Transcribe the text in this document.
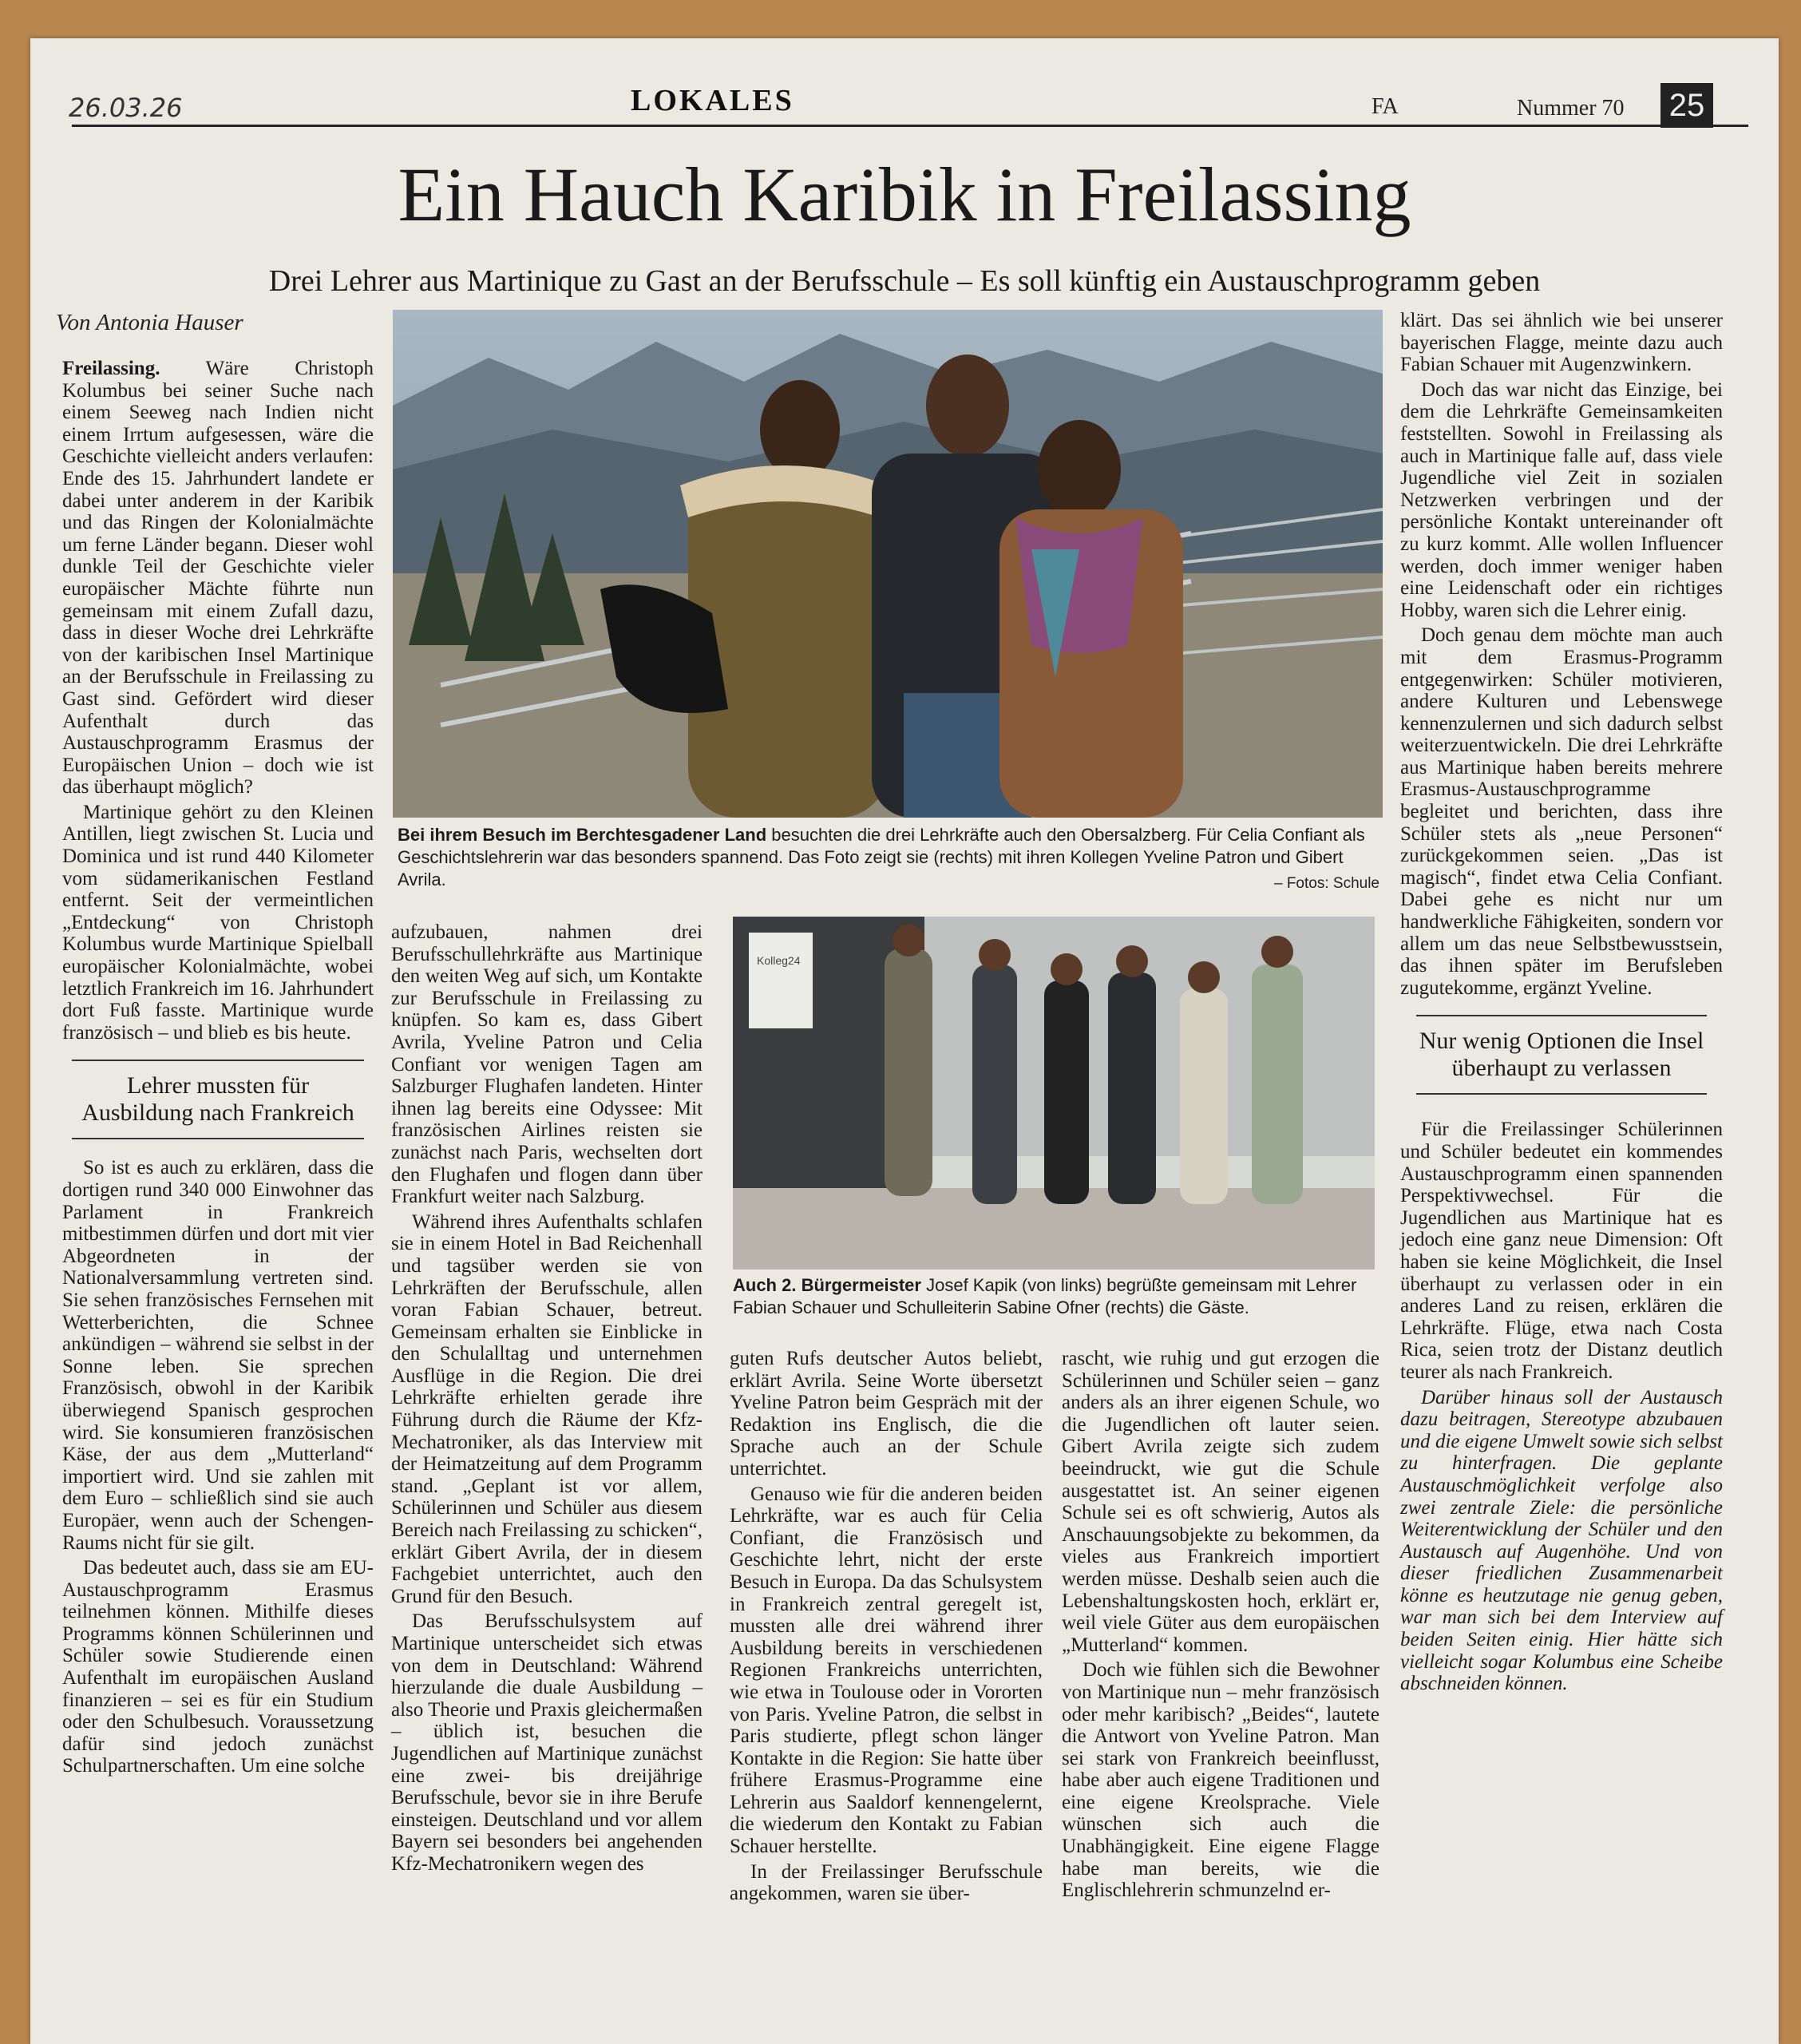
26.03.26	LOKALES	FA	Nummer 70 25
Ein Hauch Karibik in Freilassing
Drei Lehrer aus Martinique zu Gast an der Berufsschule – Es soll künftig ein Austauschprogramm geben
Von Antonia Hauser

Freilassing. Wäre Christoph Kolumbus bei seiner Suche nach einem Seeweg nach Indien nicht einem Irrtum aufgesessen, wäre die Geschichte vielleicht anders verlaufen: Ende des 15. Jahrhundert landete er dabei unter anderem in der Karibik und das Ringen der Kolonialmächte um ferne Länder begann. Dieser wohl dunkle Teil der Geschichte vieler europäischer Mächte führte nun gemeinsam mit einem Zufall dazu, dass in dieser Woche drei Lehrkräfte von der karibischen Insel Martinique an der Berufsschule in Freilassing zu Gast sind. Gefördert wird dieser Aufenthalt durch das Austauschprogramm Erasmus der Europäischen Union – doch wie ist das überhaupt möglich?

Martinique gehört zu den Kleinen Antillen, liegt zwischen St. Lucia und Dominica und ist rund 440 Kilometer vom südamerikanischen Festland entfernt. Seit der vermeintlichen „Entdeckung“ von Christoph Kolumbus wurde Martinique Spielball europäischer Kolonialmächte, wobei letztlich Frankreich im 16. Jahrhundert dort Fuß fasste. Martinique wurde französisch – und blieb es bis heute.

Lehrer mussten für Ausbildung nach Frankreich

So ist es auch zu erklären, dass die dortigen rund 340 000 Einwohner das Parlament in Frankreich mitbestimmen dürfen und dort mit vier Abgeordneten in der Nationalversammlung vertreten sind. Sie sehen französisches Fernsehen mit Wetterberichten, die Schnee ankündigen – während sie selbst in der Sonne leben. Sie sprechen Französisch, obwohl in der Karibik überwiegend Spanisch gesprochen wird. Sie konsumieren französischen Käse, der aus dem „Mutterland“ importiert wird. Und sie zahlen mit dem Euro – schließlich sind sie auch Europäer, wenn auch der Schengen-Raums nicht für sie gilt.

Das bedeutet auch, dass sie am EU-Austauschprogramm Erasmus teilnehmen können. Mithilfe dieses Programms können Schülerinnen und Schüler sowie Studierende einen Aufenthalt im europäischen Ausland finanzieren – sei es für ein Studium oder den Schulbesuch. Voraussetzung dafür sind jedoch zunächst Schulpartnerschaften. Um eine solche

Bei ihrem Besuch im Berchtesgadener Land besuchten die drei Lehrkräfte auch den Obersalzberg. Für Celia Confiant als Geschichtslehrerin war das besonders spannend. Das Foto zeigt sie (rechts) mit ihren Kollegen Yveline Patron und Gibert Avrila.	– Fotos: Schule

aufzubauen, nahmen drei Berufsschullehrkräfte aus Martinique den weiten Weg auf sich, um Kontakte zur Berufsschule in Freilassing zu knüpfen. So kam es, dass Gibert Avrila, Yveline Patron und Celia Confiant vor wenigen Tagen am Salzburger Flughafen landeten. Hinter ihnen lag bereits eine Odyssee: Mit französischen Airlines reisten sie zunächst nach Paris, wechselten dort den Flughafen und flogen dann über Frankfurt weiter nach Salzburg.

Während ihres Aufenthalts schlafen sie in einem Hotel in Bad Reichenhall und tagsüber werden sie von Lehrkräften der Berufsschule, allen voran Fabian Schauer, betreut. Gemeinsam erhalten sie Einblicke in den Schulalltag und unternehmen Ausflüge in die Region. Die drei Lehrkräfte erhielten gerade ihre Führung durch die Räume der Kfz-Mechatroniker, als das Interview mit der Heimatzeitung auf dem Programm stand. „Geplant ist vor allem, Schülerinnen und Schüler aus diesem Bereich nach Freilassing zu schicken“, erklärt Gibert Avrila, der in diesem Fachgebiet unterrichtet, auch den Grund für den Besuch.

Das Berufsschulsystem auf Martinique unterscheidet sich etwas von dem in Deutschland: Während hierzulande die duale Ausbildung – also Theorie und Praxis gleichermaßen – üblich ist, besuchen die Jugendlichen auf Martinique zunächst eine zwei- bis dreijährige Berufsschule, bevor sie in ihre Berufe einsteigen. Deutschland und vor allem Bayern sei besonders bei angehenden Kfz-Mechatronikern wegen des

Kolleg24
Auch 2. Bürgermeister Josef Kapik (von links) begrüßte gemeinsam mit Lehrer Fabian Schauer und Schulleiterin Sabine Ofner (rechts) die Gäste.

guten Rufs deutscher Autos beliebt, erklärt Avrila. Seine Worte übersetzt Yveline Patron beim Gespräch mit der Redaktion ins Englisch, die die Sprache auch an der Schule unterrichtet.

Genauso wie für die anderen beiden Lehrkräfte, war es auch für Celia Confiant, die Französisch und Geschichte lehrt, nicht der erste Besuch in Europa. Da das Schulsystem in Frankreich zentral geregelt ist, mussten alle drei während ihrer Ausbildung bereits in verschiedenen Regionen Frankreichs unterrichten, wie etwa in Toulouse oder in Vororten von Paris. Yveline Patron, die selbst in Paris studierte, pflegt schon länger Kontakte in die Region: Sie hatte über frühere Erasmus-Programme eine Lehrerin aus Saaldorf kennengelernt, die wiederum den Kontakt zu Fabian Schauer herstellte.

In der Freilassinger Berufsschule angekommen, waren sie über-

rascht, wie ruhig und gut erzogen die Schülerinnen und Schüler seien – ganz anders als an ihrer eigenen Schule, wo die Jugendlichen oft lauter seien. Gibert Avrila zeigte sich zudem beeindruckt, wie gut die Schule ausgestattet ist. An seiner eigenen Schule sei es oft schwierig, Autos als Anschauungsobjekte zu bekommen, da vieles aus Frankreich importiert werden müsse. Deshalb seien auch die Lebenshaltungskosten hoch, erklärt er, weil viele Güter aus dem europäischen „Mutterland“ kommen.

Doch wie fühlen sich die Bewohner von Martinique nun – mehr französisch oder mehr karibisch? „Beides“, lautete die Antwort von Yveline Patron. Man sei stark von Frankreich beeinflusst, habe aber auch eigene Traditionen und eine eigene Kreolsprache. Viele wünschen sich auch die Unabhängigkeit. Eine eigene Flagge habe man bereits, wie die Englischlehrerin schmunzelnd er-

klärt. Das sei ähnlich wie bei unserer bayerischen Flagge, meinte dazu auch Fabian Schauer mit Augenzwinkern.

Doch das war nicht das Einzige, bei dem die Lehrkräfte Gemeinsamkeiten feststellten. Sowohl in Freilassing als auch in Martinique falle auf, dass viele Jugendliche viel Zeit in sozialen Netzwerken verbringen und der persönliche Kontakt untereinander oft zu kurz kommt. Alle wollen Influencer werden, doch immer weniger haben eine Leidenschaft oder ein richtiges Hobby, waren sich die Lehrer einig.

Doch genau dem möchte man auch mit dem Erasmus-Programm entgegenwirken: Schüler motivieren, andere Kulturen und Lebenswege kennenzulernen und sich dadurch selbst weiterzuentwickeln. Die drei Lehrkräfte aus Martinique haben bereits mehrere Erasmus-Austauschprogramme begleitet und berichten, dass ihre Schüler stets als „neue Personen“ zurückgekommen seien. „Das ist magisch“, findet etwa Celia Confiant. Dabei gehe es nicht nur um handwerkliche Fähigkeiten, sondern vor allem um das neue Selbstbewusstsein, das ihnen später im Berufsleben zugutekomme, ergänzt Yveline.

Nur wenig Optionen die Insel überhaupt zu verlassen

Für die Freilassinger Schülerinnen und Schüler bedeutet ein kommendes Austauschprogramm einen spannenden Perspektivwechsel. Für die Jugendlichen aus Martinique hat es jedoch eine ganz neue Dimension: Oft haben sie keine Möglichkeit, die Insel überhaupt zu verlassen oder in ein anderes Land zu reisen, erklären die Lehrkräfte. Flüge, etwa nach Costa Rica, seien trotz der Distanz deutlich teurer als nach Frankreich.

Darüber hinaus soll der Austausch dazu beitragen, Stereotype abzubauen und die eigene Umwelt sowie sich selbst zu hinterfragen. Die geplante Austauschmöglichkeit verfolge also zwei zentrale Ziele: die persönliche Weiterentwicklung der Schüler und den Austausch auf Augenhöhe. Und von dieser friedlichen Zusammenarbeit könne es heutzutage nie genug geben, war man sich bei dem Interview auf beiden Seiten einig. Hier hätte sich vielleicht sogar Kolumbus eine Scheibe abschneiden können.
